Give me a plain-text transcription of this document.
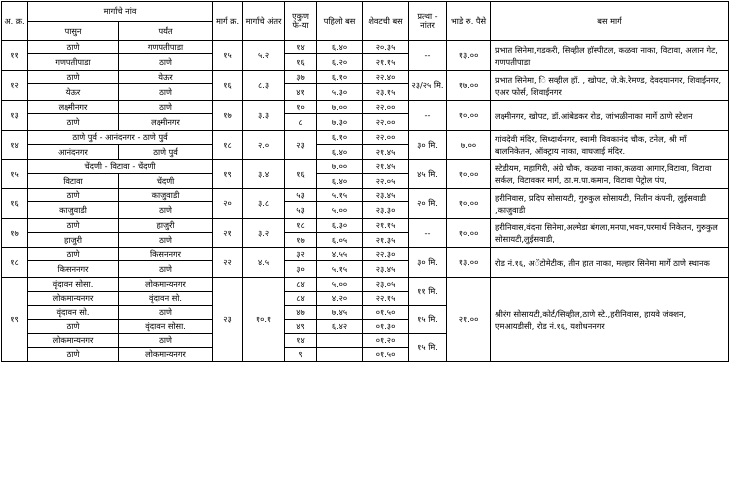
अ. क्र.	मार्गाचे नांव		मार्ग क्र.	मार्गाचे अंतर	एकुण फे-या	पहिलो बस	शेवटची बस	प्रत्था - नांतर	भाडे रु. पैसे	बस मार्ग
	पासुन	पर्यंत								
११	ठाणे	गणपतीपाडा	१५	५.२	१४	६.४०	२०.३५	--	१३.००	प्रभात सिनेमा,गडकरी, सिव्हील हॉस्पीटल, कळवा नाका, विटावा, अलान गेट, गणपतीपाडा
	गणपतीपाडा	ठाणे			१६	६.२०	२१.१५			
१२	ठाणे	येऊर	१६	८.३	३७	६.१०	२२.४०	२३/२५ मि.	१७.००	प्रभात सिनेमा, ि सव्हील हॉ. , खोपट, जे.के.रेमण्ड, देवदयानगर, शिवाईनगर, एअर फोर्स, शिवाईनगर
	येऊर	ठाणे			४१	५.३०	२३.१५			
१३	लक्ष्मीनगर	ठाणे	१७	३.३	१०	७.००	२२.००	--	१०.००	लक्ष्मीनगर, खोपट, डॉ.आंबेडकर रोड, जांभळीनाका मार्गे ठाणे स्टेशन
	ठाणे	लक्ष्मीनगर			८	७.३०	२२.००			
१४	ठाणे पुर्व - आनंदनगर - ठाणे पुर्व		१८	२.०	२३	६.१०	२२.००	३० मि.	७.००	गांवदेवी मंदिर, सिध्दार्थनगर, स्वामी विवकानंद चौक, टनेल, श्री माँ बालनिकेतन, ऑक्ट्राय नाका, वाघजाई मंदिर.
	आनंदनगर	ठाणे पुर्व				६.४०	२१.४५			
१५	चेंदणी - विटावा - चेंदणी		१९	३.४	१६	७.००	२१.४५	४५ मि.	१०.००	स्टेडीयम, महागिरी, अंग्रे चौक, कळवा नाका,कळवा आगार,विटावा, विटावा सर्कल, विटावकर मार्ग, ठा.म.पा.कमान, विटावा पेट्रोल पंप,
	विटावा	चेंदणी				६.४०	२२.०५			
१६	ठाणे	काजुवाडी	२०	३.८	५३	५.१५	२३.४५	२० मि.	१०.००	हरीनिवास, प्रदिप सोसायटी, गुरुकुल सोसायटी, नितीन कंपनी, लुईसवाडी ,काजुवाडी
	काजुवाडी	ठाणे			५३	५.००	२३.३०			
१७	ठाणे	हाजुरी	२१	३.२	१८	६.३०	२१.१५	--	१०.००	हरीनिवास,वंदना सिनेमा,अल्मेडा बंगला,मनपा,भवन,परमार्थ निकेतन, गुरुकुल सोसायटी,लुईसवाडी,
	हाजुरी	ठाणे			१७	६.०५	२१.३५			
१८	ठाणे	किसननगर	२२	४.५	३२	४.५५	२२.३०	३० मि.	१३.००	रोड नं.१६, अॅटोमेटीक, तीन हात नाका, मल्हार सिनेमा मार्गे ठाणे स्थानक
	किसननगर	ठाणे			३०	५.१५	२३.४५			
१९	वृंदावन सोसा.	लोकमान्यनगर	२३	१०.१	८४	५.००	२३.०५	११ मि.	२१.००	श्रीरंग सोसायटी,कोर्ट/सिव्हील,ठाणे स्टे.,हरीनिवास, हायवे जंक्शन, एमआयडीसी, रोड नं.१६, यशोधननगर
	लोकमान्यनगर	वृंदावन सो.			८४	४.२०	२२.१५			
	वृंदावन सो.	ठाणे			४७	७.४५	०१.५०	१५ मि.		
	ठाणे	वृंदावन सोसा.			४९	६.४२	०१.३०			
	लोकमान्यनगर	ठाणे			१४		०१.२०	१५ मि.		
	ठाणे	लोकमान्यनगर			९		०१.५०			
